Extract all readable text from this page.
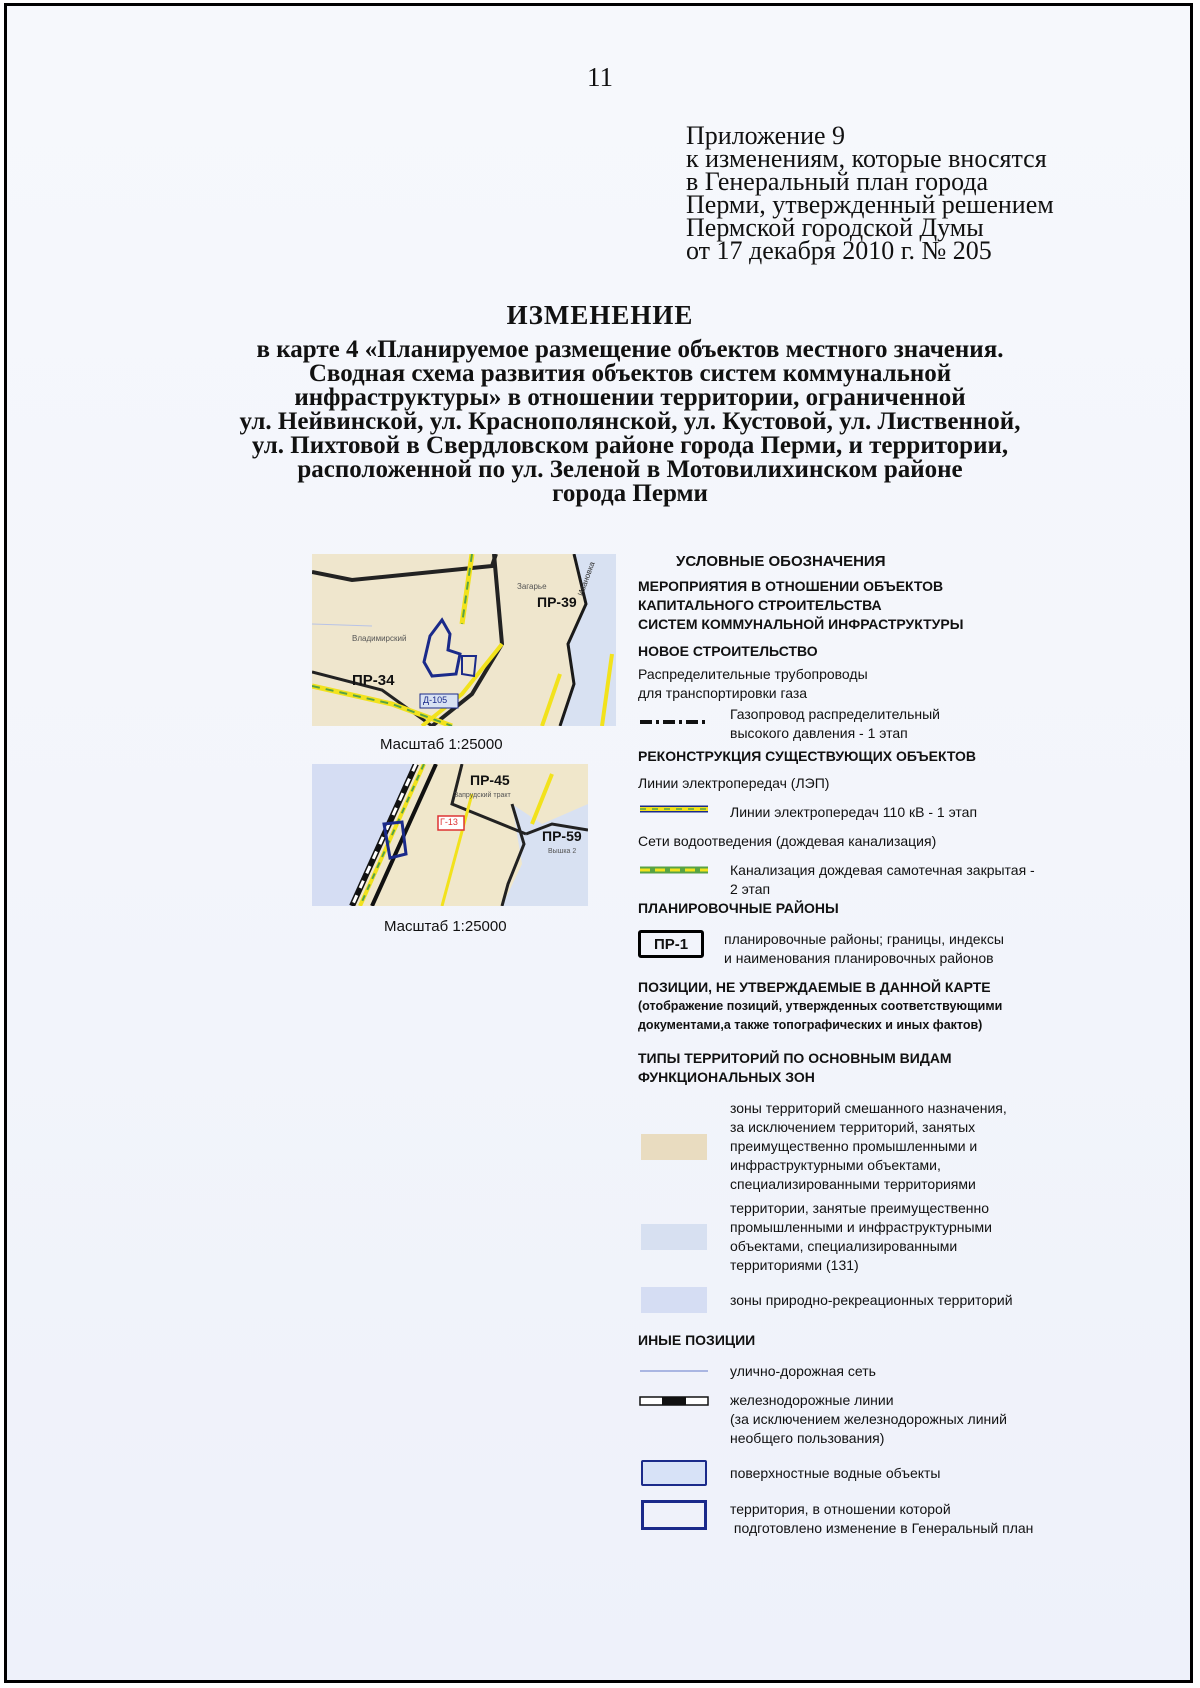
11
Приложение 9
к изменениям, которые вносятся
в Генеральный план города
Перми, утвержденный решением
Пермской городской Думы
от 17 декабря 2010 г. № 205
ИЗМЕНЕНИЕ
в карте 4 «Планируемое размещение объектов местного значения.
Сводная схема развития объектов систем коммунальной
инфраструктуры» в отношении территории, ограниченной
ул. Нейвинской, ул. Краснополянской, ул. Кустовой, ул. Лиственной,
ул. Пихтовой в Свердловском районе города Перми, и территории,
расположенной по ул. Зеленой в Мотовилихинском районе
города Перми
ПР-39
Загарье
Владимирский
ПР-34
Д-105
Ивановка
Масштаб 1:25000
ПР-45
Запрудский тракт
ПР-59
Вышка 2
Г-13
Масштаб 1:25000
УСЛОВНЫЕ ОБОЗНАЧЕНИЯ
МЕРОПРИЯТИЯ В ОТНОШЕНИИ ОБЪЕКТОВ
КАПИТАЛЬНОГО СТРОИТЕЛЬСТВА
СИСТЕМ КОММУНАЛЬНОЙ ИНФРАСТРУКТУРЫ
НОВОЕ СТРОИТЕЛЬСТВО
Распределительные трубопроводы
для транспортировки газа
Газопровод распределительный
высокого давления - 1 этап
РЕКОНСТРУКЦИЯ СУЩЕСТВУЮЩИХ ОБЪЕКТОВ
Линии электропередач (ЛЭП)
Линии электропередач 110 кВ - 1 этап
Сети водоотведения (дождевая канализация)
Канализация дождевая самотечная закрытая -
2 этап
ПЛАНИРОВОЧНЫЕ РАЙОНЫ
ПР-1	планировочные районы; границы, индексы
и наименования планировочных районов
ПОЗИЦИИ, НЕ УТВЕРЖДАЕМЫЕ В ДАННОЙ КАРТЕ
(отображение позиций, утвержденных соответствующими
документами,а также топографических и иных фактов)
ТИПЫ ТЕРРИТОРИЙ ПО ОСНОВНЫМ ВИДАМ
ФУНКЦИОНАЛЬНЫХ ЗОН
зоны территорий смешанного назначения,
за исключением территорий, занятых
преимущественно промышленными и
инфраструктурными объектами,
специализированными территориями
территории, занятые преимущественно
промышленными и инфраструктурными
объектами, специализированными
территориями (131)
зоны природно-рекреационных территорий
ИНЫЕ ПОЗИЦИИ
улично-дорожная сеть
железнодорожные линии
(за исключением железнодорожных линий
необщего пользования)
поверхностные водные объекты
территория, в отношении которой
подготовлено изменение в Генеральный план
